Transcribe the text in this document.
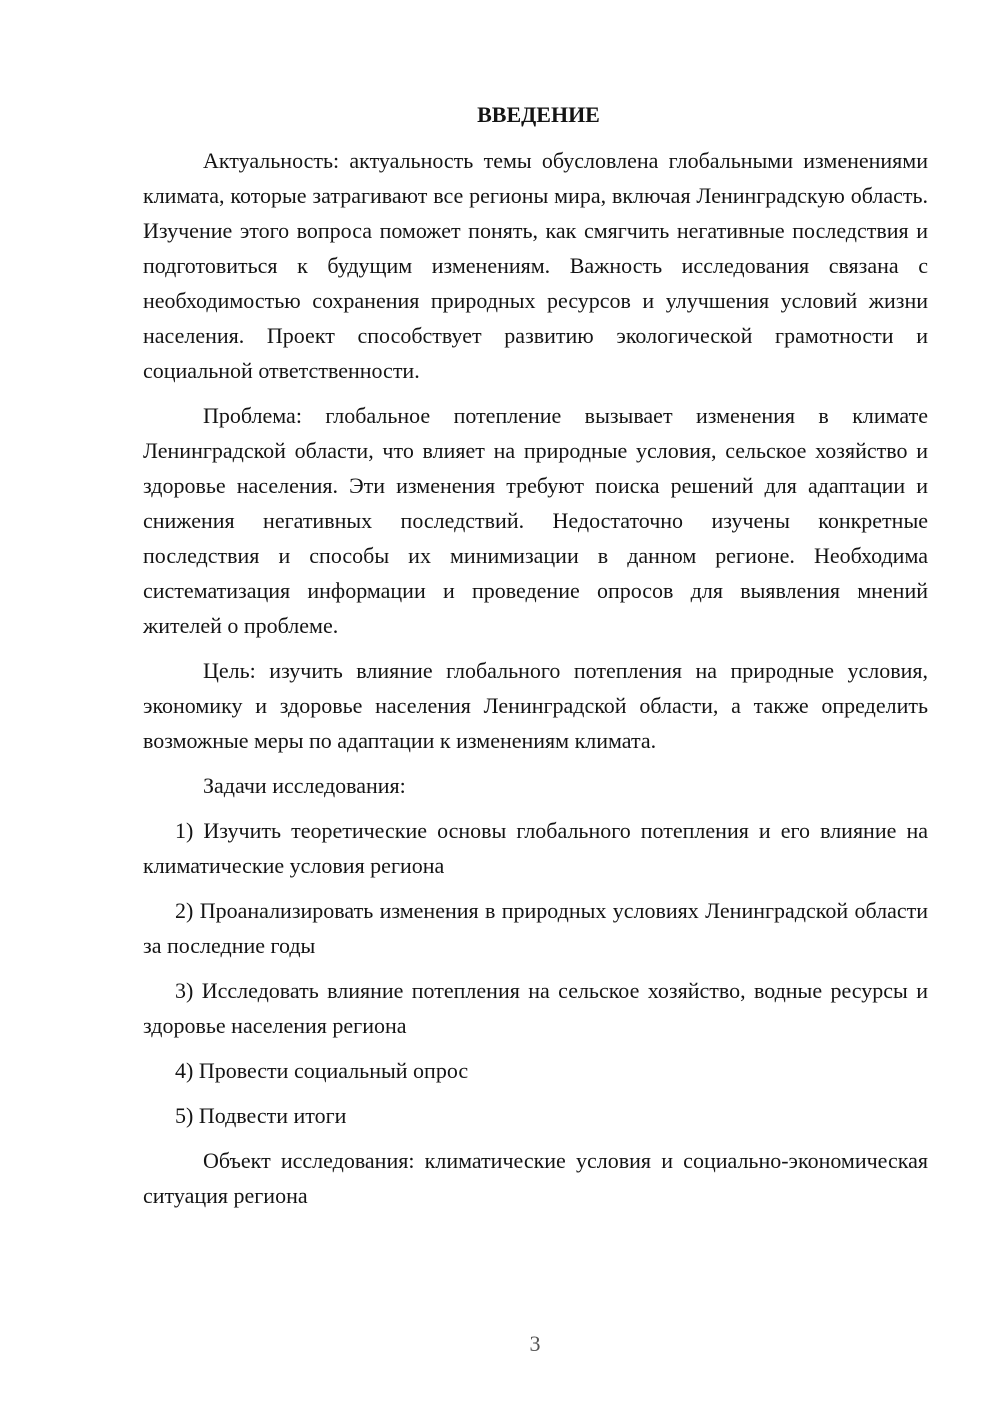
ВВЕДЕНИЕ

Актуальность: актуальность темы обусловлена глобальными изменениями климата, которые затрагивают все регионы мира, включая Ленинградскую область. Изучение этого вопроса поможет понять, как смягчить негативные последствия и подготовиться к будущим изменениям. Важность исследования связана с необходимостью сохранения природных ресурсов и улучшения условий жизни населения. Проект способствует развитию экологической грамотности и социальной ответственности.

Проблема: глобальное потепление вызывает изменения в климате Ленинградской области, что влияет на природные условия, сельское хозяйство и здоровье населения. Эти изменения требуют поиска решений для адаптации и снижения негативных последствий. Недостаточно изучены конкретные последствия и способы их минимизации в данном регионе. Необходима систематизация информации и проведение опросов для выявления мнений жителей о проблеме.

Цель: изучить влияние глобального потепления на природные условия, экономику и здоровье населения Ленинградской области, а также определить возможные меры по адаптации к изменениям климата.

Задачи исследования:

1) Изучить теоретические основы глобального потепления и его влияние на климатические условия региона

2) Проанализировать изменения в природных условиях Ленинградской области за последние годы

3) Исследовать влияние потепления на сельское хозяйство, водные ресурсы и здоровье населения региона

4) Провести социальный опрос

5) Подвести итоги

Объект исследования: климатические условия и социально-экономическая ситуация региона

3
